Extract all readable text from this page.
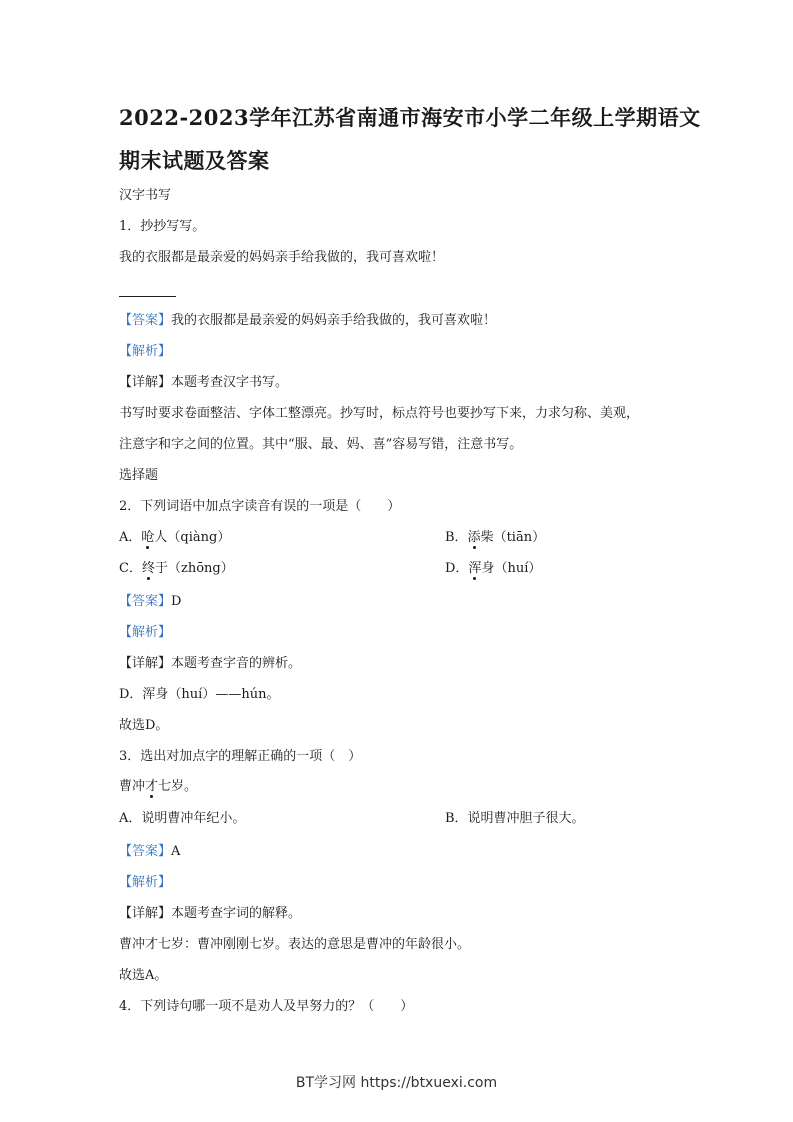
2022-2023学年江苏省南通市海安市小学二年级上学期语文
期末试题及答案
汉字书写
1．抄抄写写。
我的衣服都是最亲爱的妈妈亲手给我做的，我可喜欢啦！
【答案】我的衣服都是最亲爱的妈妈亲手给我做的，我可喜欢啦！
【解析】
【详解】本题考查汉字书写。
书写时要求卷面整洁、字体工整漂亮。抄写时，标点符号也要抄写下来，力求匀称、美观，
注意字和字之间的位置。其中“服、最、妈、喜”容易写错，注意书写。
选择题
2．下列词语中加点字读音有误的一项是（　　）
A．呛人（qiàng）	B．添柴（tiān）
C．终于（zhōng）	D．浑身（huí）
【答案】D
【解析】
【详解】本题考查字音的辨析。
D．浑身（huí）——hún。
故选D。
3．选出对加点字的理解正确的一项（　）
曹冲才七岁。
A．说明曹冲年纪小。	B．说明曹冲胆子很大。
【答案】A
【解析】
【详解】本题考查字词的解释。
曹冲才七岁：曹冲刚刚七岁。表达的意思是曹冲的年龄很小。
故选A。
4．下列诗句哪一项不是劝人及早努力的？（　　）
BT学习网 https://btxuexi.com
